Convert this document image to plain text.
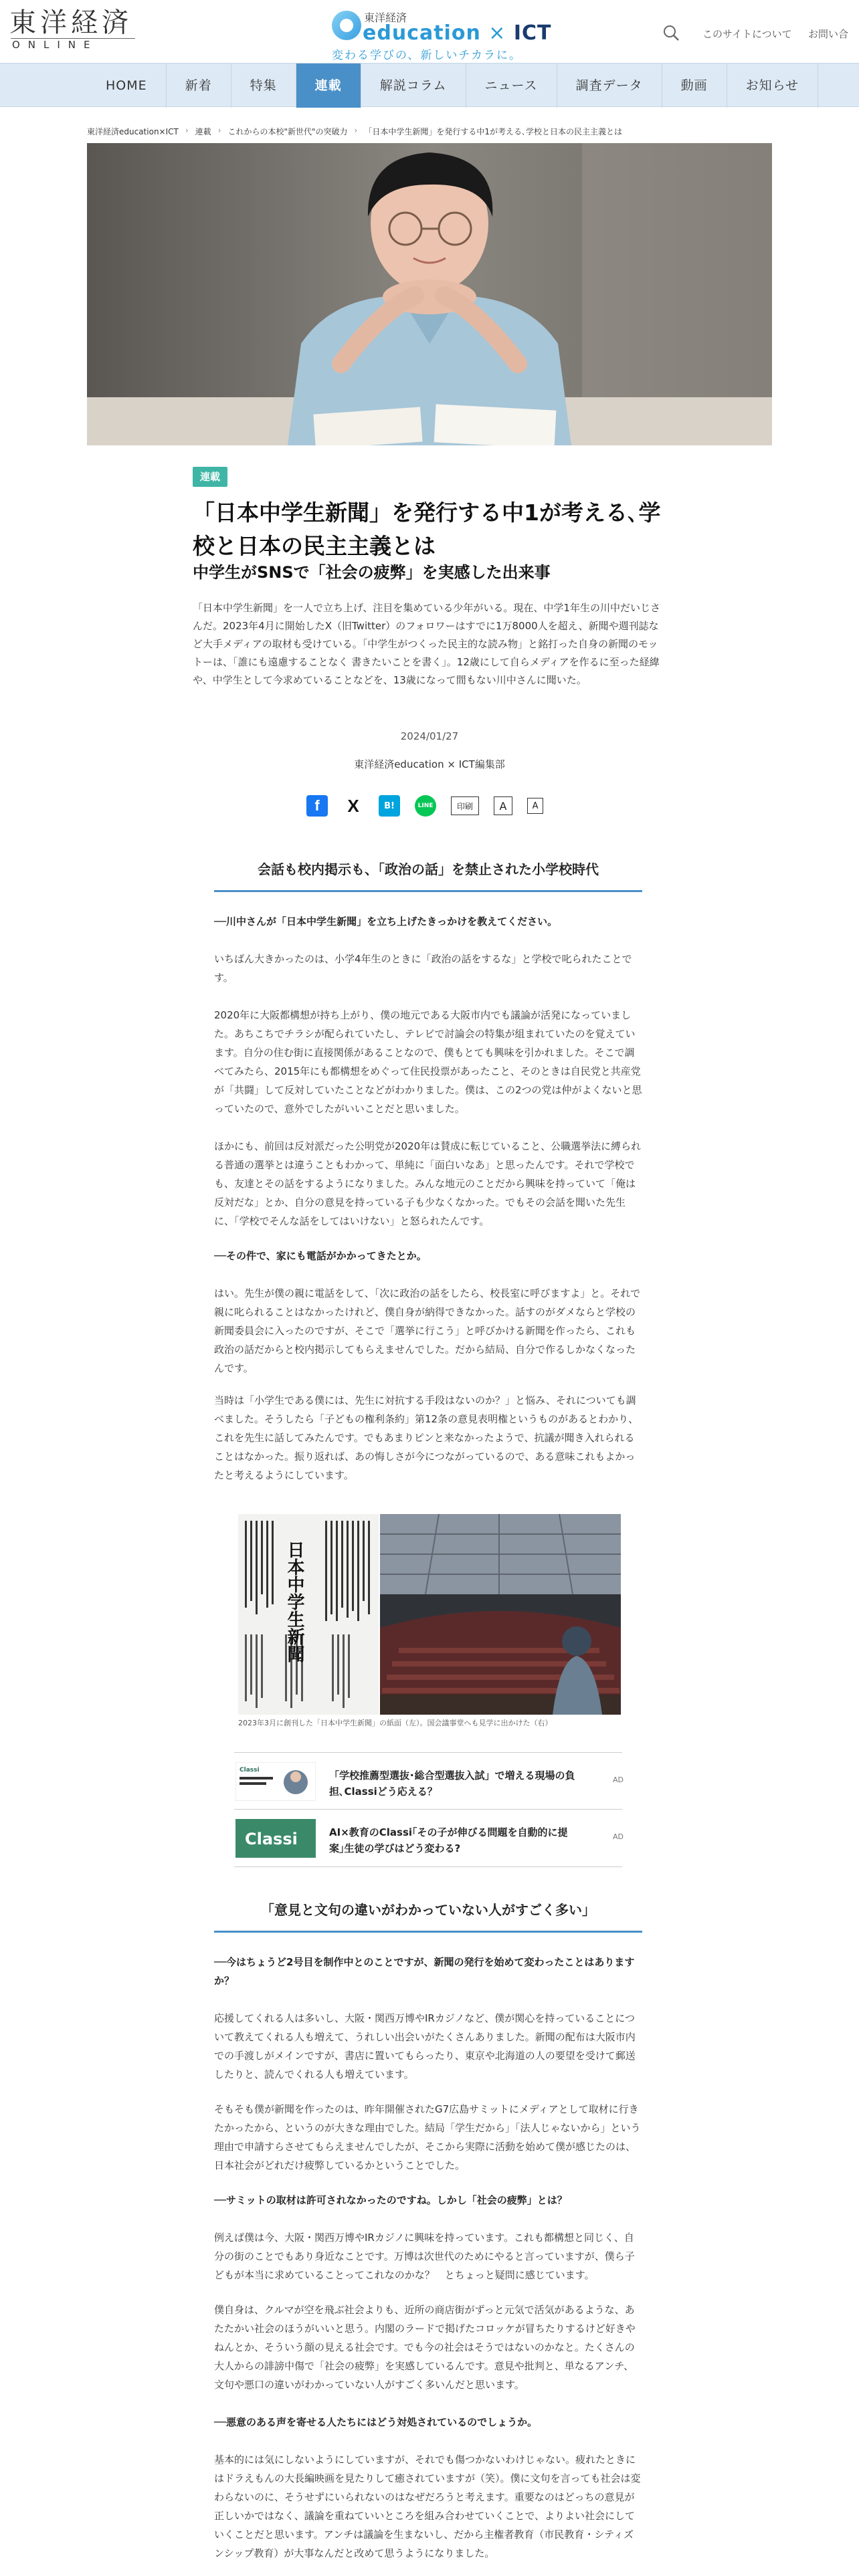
東洋経済
ONLINE
東洋経済
education × ICT
変わる学びの、新しいチカラに。
このサイトについて お問い合
HOME	新着	特集	連載	解説コラム	ニュース	調査データ	動画	お知らせ
東洋経済education×ICT › 連載 › これからの本校"新世代"の突破力 › 「日本中学生新聞」を発行する中1が考える､学校と日本の民主主義とは
連載
「日本中学生新聞」を発行する中1が考える､学校と日本の民主主義とは
中学生がSNSで「社会の疲弊」を実感した出来事

「日本中学生新聞」を一人で立ち上げ、注目を集めている少年がいる。現在、中学1年生の川中だいじさんだ。2023年4月に開始したX（旧Twitter）のフォロワーはすでに1万8000人を超え、新聞や週刊誌など大手メディアの取材も受けている。「中学生がつくった民主的な読み物」と銘打った自身の新聞のモットーは、「誰にも遠慮することなく 書きたいことを書く」。12歳にして自らメディアを作るに至った経緯や、中学生として今求めていることなどを、13歳になって間もない川中さんに聞いた。

2024/01/27
東洋経済education × ICT編集部
f	X	B!	LINE	印刷	A	A
会話も校内掲示も、「政治の話」を禁止された小学校時代
──川中さんが「日本中学生新聞」を立ち上げたきっかけを教えてください。

いちばん大きかったのは、小学4年生のときに「政治の話をするな」と学校で叱られたことです。

2020年に大阪都構想が持ち上がり、僕の地元である大阪市内でも議論が活発になっていました。あちこちでチラシが配られていたし、テレビで討論会の特集が組まれていたのを覚えています。自分の住む街に直接関係があることなので、僕もとても興味を引かれました。そこで調べてみたら、2015年にも都構想をめぐって住民投票があったこと、そのときは自民党と共産党が「共闘」して反対していたことなどがわかりました。僕は、この2つの党は仲がよくないと思っていたので、意外でしたがいいことだと思いました。

ほかにも、前回は反対派だった公明党が2020年は賛成に転じていること、公職選挙法に縛られる普通の選挙とは違うこともわかって、単純に「面白いなあ」と思ったんです。それで学校でも、友達とその話をするようになりました。みんな地元のことだから興味を持っていて「俺は反対だな」とか、自分の意見を持っている子も少なくなかった。でもその会話を聞いた先生に、「学校でそんな話をしてはいけない」と怒られたんです。

──その件で、家にも電話がかかってきたとか。

はい。先生が僕の親に電話をして、「次に政治の話をしたら、校長室に呼びますよ」と。それで親に叱られることはなかったけれど、僕自身が納得できなかった。話すのがダメならと学校の新聞委員会に入ったのですが、そこで「選挙に行こう」と呼びかける新聞を作ったら、これも政治の話だからと校内掲示してもらえませんでした。だから結局、自分で作るしかなくなったんです。

当時は「小学生である僕には、先生に対抗する手段はないのか？」と悩み、それについても調べました。そうしたら「子どもの権利条約」第12条の意見表明権というものがあるとわかり、これを先生に話してみたんです。でもあまりピンと来なかったようで、抗議が聞き入れられることはなかった。振り返れば、あの悔しさが今につながっているので、ある意味これもよかったと考えるようにしています。

日本中学生新聞
2023年3月に創刊した「日本中学生新聞」の紙面（左）。国会議事堂へも見学に出かけた（右）
Classi	「学校推薦型選抜･総合型選抜入試」で増える現場の負担､Classiどう応える？
AD
Classi	AI×教育のClassi｢その子が伸びる問題を自動的に提案｣生徒の学びはどう変わる?
AD
「意見と文句の違いがわかっていない人がすごく多い」
──今はちょうど2号目を制作中とのことですが、新聞の発行を始めて変わったことはありますか？

応援してくれる人は多いし、大阪・関西万博やIRカジノなど、僕が関心を持っていることについて教えてくれる人も増えて、うれしい出会いがたくさんありました。新聞の配布は大阪市内での手渡しがメインですが、書店に置いてもらったり、東京や北海道の人の要望を受けて郵送したりと、読んでくれる人も増えています。

そもそも僕が新聞を作ったのは、昨年開催されたG7広島サミットにメディアとして取材に行きたかったから、というのが大きな理由でした。結局「学生だから」「法人じゃないから」という理由で申請すらさせてもらえませんでしたが、そこから実際に活動を始めて僕が感じたのは、日本社会がどれだけ疲弊しているかということでした。

──サミットの取材は許可されなかったのですね。しかし「社会の疲弊」とは？

例えば僕は今、大阪・関西万博やIRカジノに興味を持っています。これも都構想と同じく、自分の街のことでもあり身近なことです。万博は次世代のためにやると言っていますが、僕ら子どもが本当に求めていることってこれなのかな？　とちょっと疑問に感じています。

僕自身は、クルマが空を飛ぶ社会よりも、近所の商店街がずっと元気で活気があるような、あたたかい社会のほうがいいと思う。内閣のラードで掲げたコロッケが冒ちたりするけど好きやねんとか、そういう顔の見える社会です。でも今の社会はそうではないのかなと。たくさんの大人からの誹謗中傷で「社会の疲弊」を実感しているんです。意見や批判と、単なるアンチ、文句や悪口の違いがわかっていない人がすごく多いんだと思います。

──悪意のある声を寄せる人たちにはどう対処されているのでしょうか。

基本的には気にしないようにしていますが、それでも傷つかないわけじゃない。疲れたときにはドラえもんの大長編映画を見たりして癒されていますが（笑）。僕に文句を言っても社会は変わらないのに、そうせずにいられないのはなぜだろうと考えます。重要なのはどっちの意見が正しいかではなく、議論を重ねていいところを組み合わせていくことで、よりよい社会にしていくことだと思います。アンチは議論を生まないし、だから主権者教育（市民教育・シティズンシップ教育）が大事なんだと改めて思うようになりました。
